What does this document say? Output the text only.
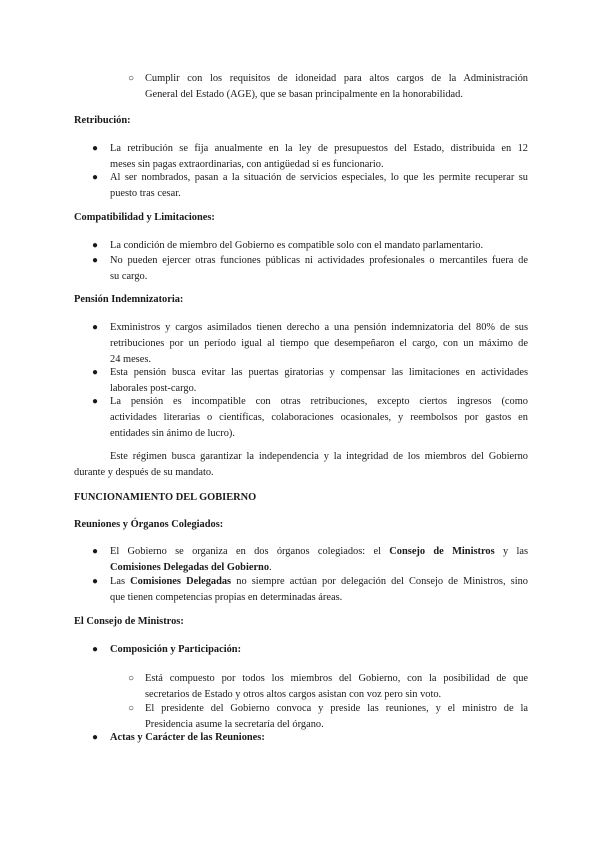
○ Cumplir con los requisitos de idoneidad para altos cargos de la Administración
General del Estado (AGE), que se basan principalmente en la honorabilidad.
Retribución:
● La retribución se fija anualmente en la ley de presupuestos del Estado, distribuida en 12
meses sin pagas extraordinarias, con antigüedad si es funcionario.
● Al ser nombrados, pasan a la situación de servicios especiales, lo que les permite recuperar su
puesto tras cesar.
Compatibilidad y Limitaciones:
● La condición de miembro del Gobierno es compatible solo con el mandato parlamentario.
● No pueden ejercer otras funciones públicas ni actividades profesionales o mercantiles fuera de
su cargo.
Pensión Indemnizatoria:
● Exministros y cargos asimilados tienen derecho a una pensión indemnizatoria del 80% de sus
retribuciones por un período igual al tiempo que desempeñaron el cargo, con un máximo de
24 meses.
● Esta pensión busca evitar las puertas giratorias y compensar las limitaciones en actividades
laborales post-cargo.
● La pensión es incompatible con otras retribuciones, excepto ciertos ingresos (como
actividades literarias o científicas, colaboraciones ocasionales, y reembolsos por gastos en
entidades sin ánimo de lucro).
Este régimen busca garantizar la independencia y la integridad de los miembros del Gobierno
durante y después de su mandato.
FUNCIONAMIENTO DEL GOBIERNO
Reuniones y Órganos Colegiados:
● El Gobierno se organiza en dos órganos colegiados: el Consejo de Ministros y las
Comisiones Delegadas del Gobierno.
● Las Comisiones Delegadas no siempre actúan por delegación del Consejo de Ministros, sino
que tienen competencias propias en determinadas áreas.
El Consejo de Ministros:
● Composición y Participación:
○ Está compuesto por todos los miembros del Gobierno, con la posibilidad de que
secretarios de Estado y otros altos cargos asistan con voz pero sin voto.
○ El presidente del Gobierno convoca y preside las reuniones, y el ministro de la
Presidencia asume la secretaría del órgano.
● Actas y Carácter de las Reuniones:
